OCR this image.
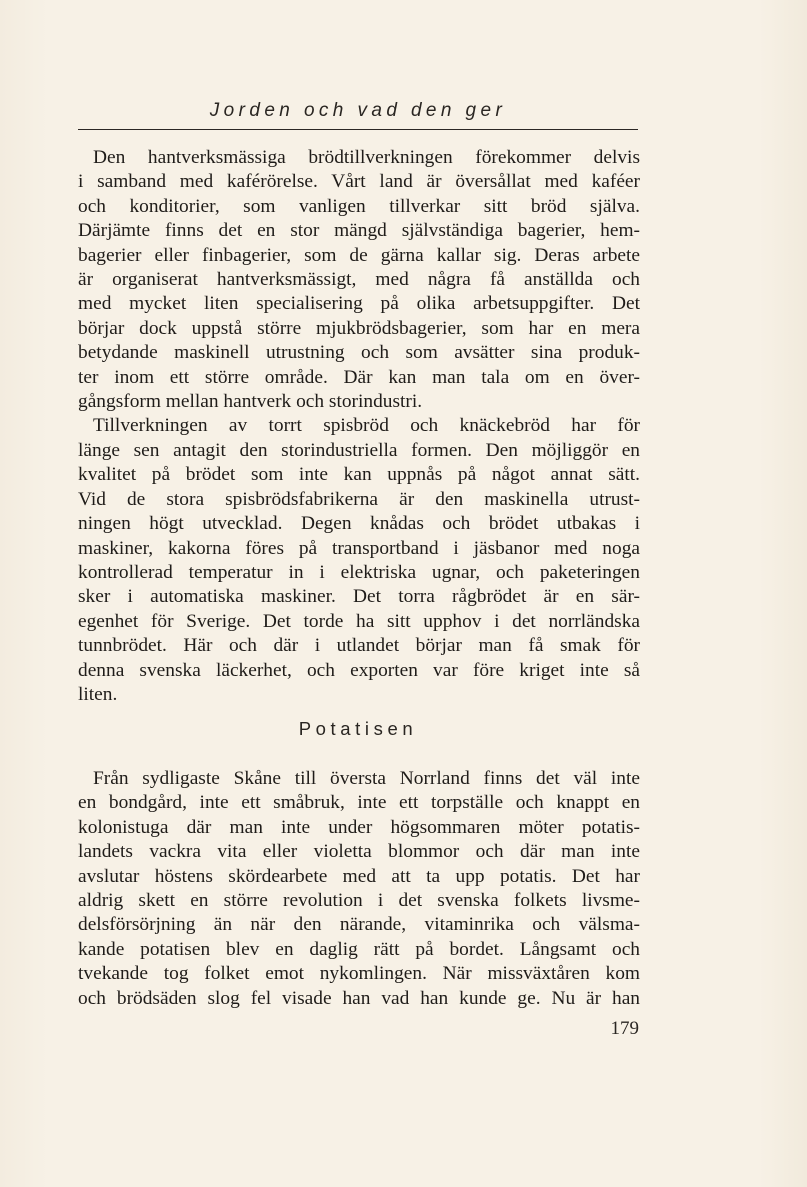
Jorden och vad den ger
Den hantverksmässiga brödtillverkningen förekommer delvis
i samband med kaférörelse. Vårt land är översållat med kaféer
och konditorier, som vanligen tillverkar sitt bröd själva.
Därjämte finns det en stor mängd självständiga bagerier, hem-
bagerier eller finbagerier, som de gärna kallar sig. Deras arbete
är organiserat hantverksmässigt, med några få anställda och
med mycket liten specialisering på olika arbetsuppgifter. Det
börjar dock uppstå större mjukbrödsbagerier, som har en mera
betydande maskinell utrustning och som avsätter sina produk-
ter inom ett större område. Där kan man tala om en över-
gångsform mellan hantverk och storindustri.
Tillverkningen av torrt spisbröd och knäckebröd har för
länge sen antagit den storindustriella formen. Den möjliggör en
kvalitet på brödet som inte kan uppnås på något annat sätt.
Vid de stora spisbrödsfabrikerna är den maskinella utrust-
ningen högt utvecklad. Degen knådas och brödet utbakas i
maskiner, kakorna föres på transportband i jäsbanor med noga
kontrollerad temperatur in i elektriska ugnar, och paketeringen
sker i automatiska maskiner. Det torra rågbrödet är en sär-
egenhet för Sverige. Det torde ha sitt upphov i det norrländska
tunnbrödet. Här och där i utlandet börjar man få smak för
denna svenska läckerhet, och exporten var före kriget inte så
liten.
Potatisen
Från sydligaste Skåne till översta Norrland finns det väl inte
en bondgård, inte ett småbruk, inte ett torpställe och knappt en
kolonistuga där man inte under högsommaren möter potatis-
landets vackra vita eller violetta blommor och där man inte
avslutar höstens skördearbete med att ta upp potatis. Det har
aldrig skett en större revolution i det svenska folkets livsme-
delsförsörjning än när den närande, vitaminrika och välsma-
kande potatisen blev en daglig rätt på bordet. Långsamt och
tvekande tog folket emot nykomlingen. När missväxtåren kom
och brödsäden slog fel visade han vad han kunde ge. Nu är han
179
